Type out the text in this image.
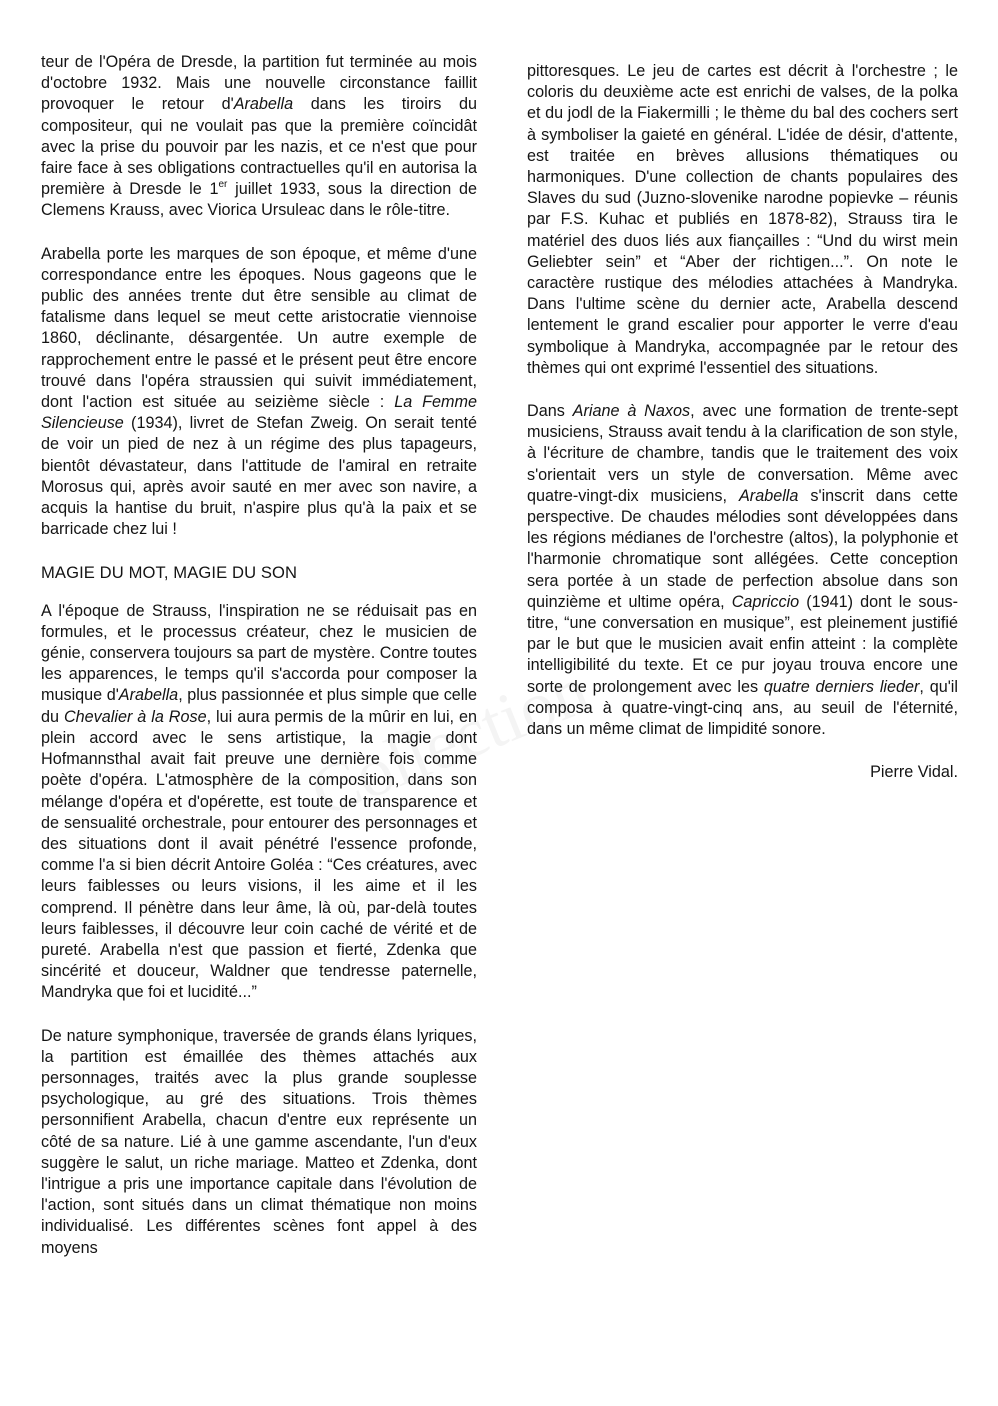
teur de l'Opéra de Dresde, la partition fut terminée au mois d'octobre 1932. Mais une nouvelle circonstance faillit provoquer le retour d'Arabella dans les tiroirs du compositeur, qui ne voulait pas que la première coïncidât avec la prise du pouvoir par les nazis, et ce n'est que pour faire face à ses obligations contractuelles qu'il en autorisa la première à Dresde le 1er juillet 1933, sous la direction de Clemens Krauss, avec Viorica Ursuleac dans le rôle-titre.

Arabella porte les marques de son époque, et même d'une correspondance entre les époques. Nous gageons que le public des années trente dut être sensible au climat de fatalisme dans lequel se meut cette aristocratie viennoise 1860, déclinante, désargentée. Un autre exemple de rapprochement entre le passé et le présent peut être encore trouvé dans l'opéra straussien qui suivit immédiatement, dont l'action est située au seizième siècle : La Femme Silencieuse (1934), livret de Stefan Zweig. On serait tenté de voir un pied de nez à un régime des plus tapageurs, bientôt dévastateur, dans l'attitude de l'amiral en retraite Morosus qui, après avoir sauté en mer avec son navire, a acquis la hantise du bruit, n'aspire plus qu'à la paix et se barricade chez lui !

MAGIE DU MOT, MAGIE DU SON

A l'époque de Strauss, l'inspiration ne se réduisait pas en formules, et le processus créateur, chez le musicien de génie, conservera toujours sa part de mystère. Contre toutes les apparences, le temps qu'il s'accorda pour composer la musique d'Arabella, plus passionnée et plus simple que celle du Chevalier à la Rose, lui aura permis de la mûrir en lui, en plein accord avec le sens artistique, la magie dont Hofmannsthal avait fait preuve une dernière fois comme poète d'opéra. L'atmosphère de la composition, dans son mélange d'opéra et d'opérette, est toute de transparence et de sensualité orchestrale, pour entourer des personnages et des situations dont il avait pénétré l'essence profonde, comme l'a si bien décrit Antoire Goléa : “Ces créatures, avec leurs faiblesses ou leurs visions, il les aime et il les comprend. Il pénètre dans leur âme, là où, par-delà toutes leurs faiblesses, il découvre leur coin caché de vérité et de pureté. Arabella n'est que passion et fierté, Zdenka que sincérité et douceur, Waldner que tendresse paternelle, Mandryka que foi et lucidité...”

De nature symphonique, traversée de grands élans lyriques, la partition est émaillée des thèmes attachés aux personnages, traités avec la plus grande souplesse psychologique, au gré des situations. Trois thèmes personnifient Arabella, chacun d'entre eux représente un côté de sa nature. Lié à une gamme ascendante, l'un d'eux suggère le salut, un riche mariage. Matteo et Zdenka, dont l'intrigue a pris une importance capitale dans l'évolution de l'action, sont situés dans un climat thématique non moins individualisé. Les différentes scènes font appel à des moyens

pittoresques. Le jeu de cartes est décrit à l'orchestre ; le coloris du deuxième acte est enrichi de valses, de la polka et du jodl de la Fiakermilli ; le thème du bal des cochers sert à symboliser la gaieté en général. L'idée de désir, d'attente, est traitée en brèves allusions thématiques ou harmoniques. D'une collection de chants populaires des Slaves du sud (Juzno-slovenike narodne popievke – réunis par F.S. Kuhac et publiés en 1878-82), Strauss tira le matériel des duos liés aux fiançailles : “Und du wirst mein Geliebter sein” et “Aber der richtigen...”. On note le caractère rustique des mélodies attachées à Mandryka. Dans l'ultime scène du dernier acte, Arabella descend lentement le grand escalier pour apporter le verre d'eau symbolique à Mandryka, accompagnée par le retour des thèmes qui ont exprimé l'essentiel des situations.

Dans Ariane à Naxos, avec une formation de trente-sept musiciens, Strauss avait tendu à la clarification de son style, à l'écriture de chambre, tandis que le traitement des voix s'orientait vers un style de conversation. Même avec quatre-vingt-dix musiciens, Arabella s'inscrit dans cette perspective. De chaudes mélodies sont développées dans les régions médianes de l'orchestre (altos), la polyphonie et l'harmonie chromatique sont allégées. Cette conception sera portée à un stade de perfection absolue dans son quinzième et ultime opéra, Capriccio (1941) dont le sous-titre, “une conversation en musique”, est pleinement justifié par le but que le musicien avait enfin atteint : la complète intelligibilité du texte. Et ce pur joyau trouva encore une sorte de prolongement avec les quatre derniers lieder, qu'il composa à quatre-vingt-cinq ans, au seuil de l'éternité, dans un même climat de limpidité sonore.

Pierre Vidal.
